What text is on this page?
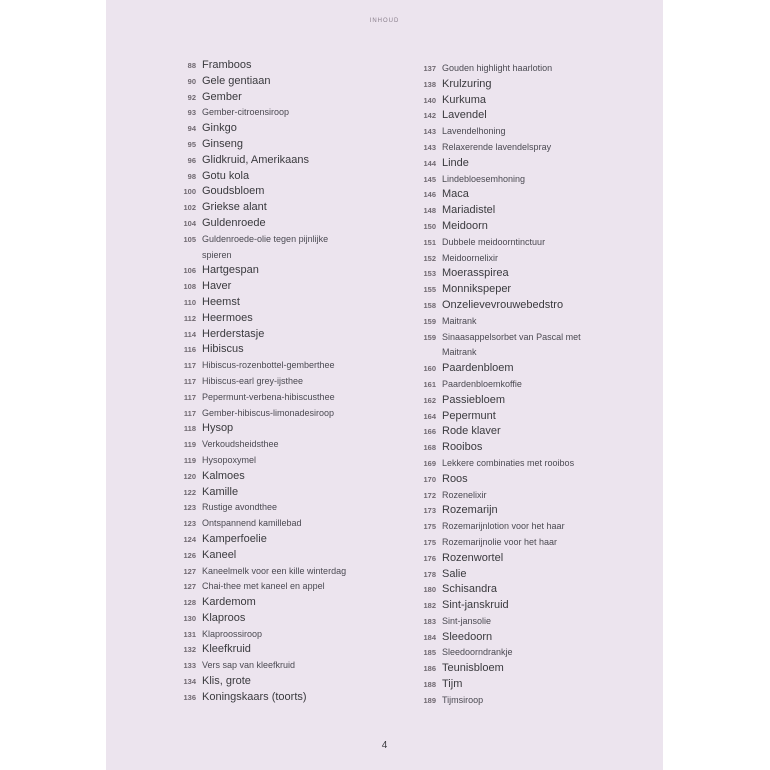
INHOUD
88 Framboos
90 Gele gentiaan
92 Gember
93 Gember-citroensiroop
94 Ginkgo
95 Ginseng
96 Glidkruid, Amerikaans
98 Gotu kola
100 Goudsbloem
102 Griekse alant
104 Guldenroede
105 Guldenroede-olie tegen pijnlijke
spieren
106 Hartgespan
108 Haver
110 Heemst
112 Heermoes
114 Herderstasje
116 Hibiscus
117 Hibiscus-rozenbottel-gemberthee
117 Hibiscus-earl grey-ijsthee
117 Pepermunt-verbena-hibiscusthee
117 Gember-hibiscus-limonadesiroop
118 Hysop
119 Verkoudsheidsthee
119 Hysopoxymel
120 Kalmoes
122 Kamille
123 Rustige avondthee
123 Ontspannend kamillebad
124 Kamperfoelie
126 Kaneel
127 Kaneelmelk voor een kille winterdag
127 Chai-thee met kaneel en appel
128 Kardemom
130 Klaproos
131 Klaproossiroop
132 Kleefkruid
133 Vers sap van kleefkruid
134 Klis, grote
136 Koningskaars (toorts)
137 Gouden highlight haarlotion
138 Krulzuring
140 Kurkuma
142 Lavendel
143 Lavendelhoning
143 Relaxerende lavendelspray
144 Linde
145 Lindebloesemhoning
146 Maca
148 Mariadistel
150 Meidoorn
151 Dubbele meidoorntinctuur
152 Meidoornelixir
153 Moerasspirea
155 Monnikspeper
158 Onzelievevrouwebedstro
159 Maitrank
159 Sinaasappelsorbet van Pascal met
Maitrank
160 Paardenbloem
161 Paardenbloemkoffie
162 Passiebloem
164 Pepermunt
166 Rode klaver
168 Rooibos
169 Lekkere combinaties met rooibos
170 Roos
172 Rozenelixir
173 Rozemarijn
175 Rozemarijnlotion voor het haar
175 Rozemarijnolie voor het haar
176 Rozenwortel
178 Salie
180 Schisandra
182 Sint-janskruid
183 Sint-jansolie
184 Sleedoorn
185 Sleedoorndrankje
186 Teunisbloem
188 Tijm
189 Tijmsiroop
4
